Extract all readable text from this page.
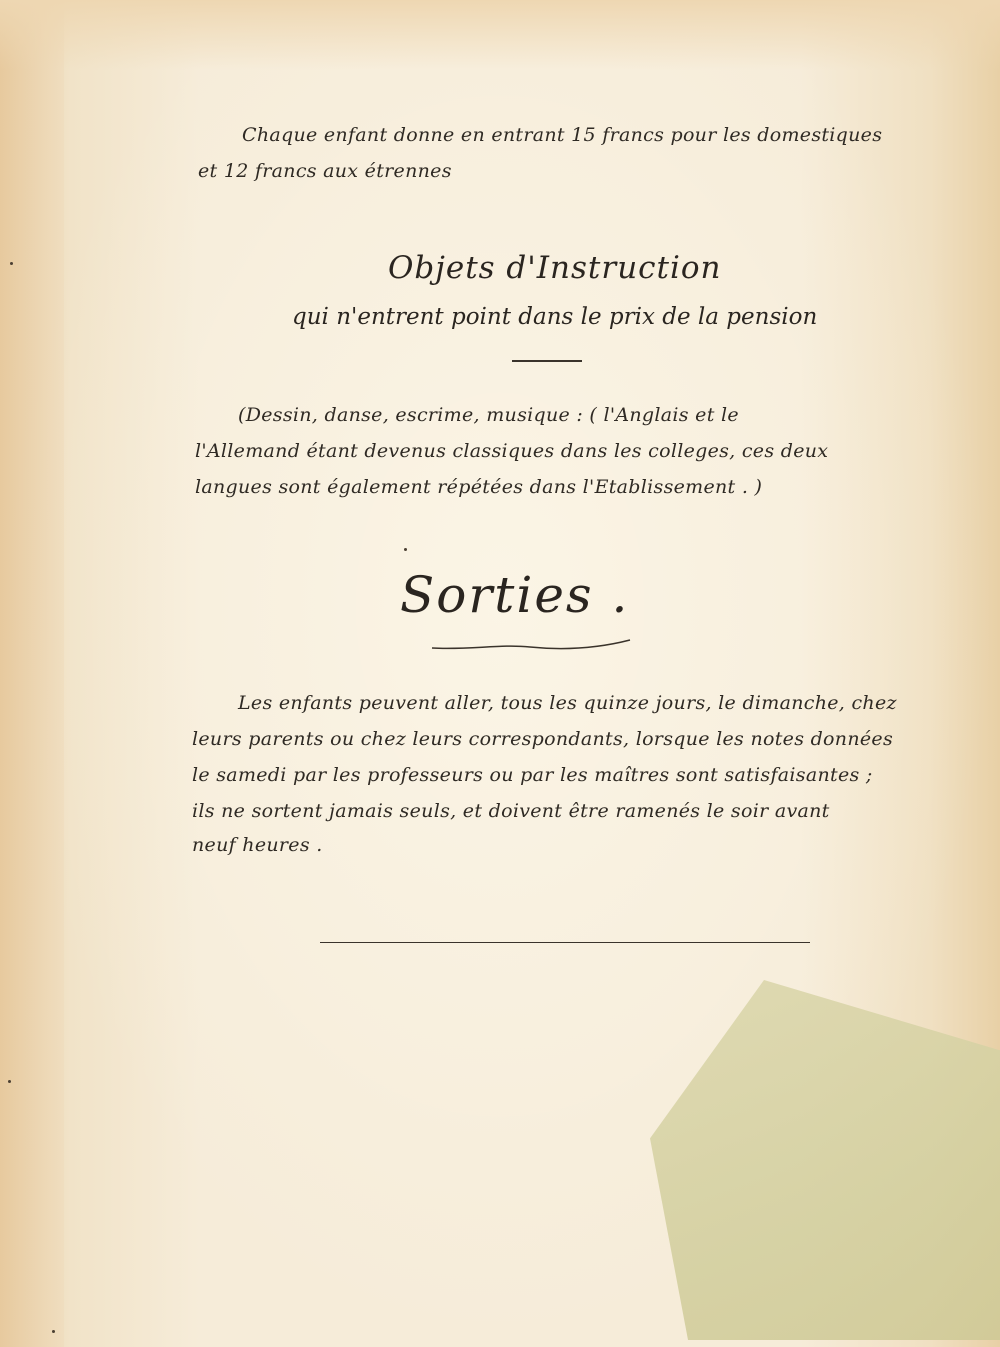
Chaque enfant donne en entrant 15 francs pour les domestiques

et 12 francs aux étrennes

Objets d'Instruction

qui n'entrent point dans le prix de la pension

(Dessin, danse, escrime, musique : ( l'Anglais et le

l'Allemand étant devenus classiques dans les colleges, ces deux

langues sont également répétées dans l'Etablissement . )

Sorties .

Les enfants peuvent aller, tous les quinze jours, le dimanche, chez

leurs parents ou chez leurs correspondants, lorsque les notes données

le samedi par les professeurs ou par les maîtres sont satisfaisantes ;

ils ne sortent jamais seuls, et doivent être ramenés le soir avant

neuf heures .
